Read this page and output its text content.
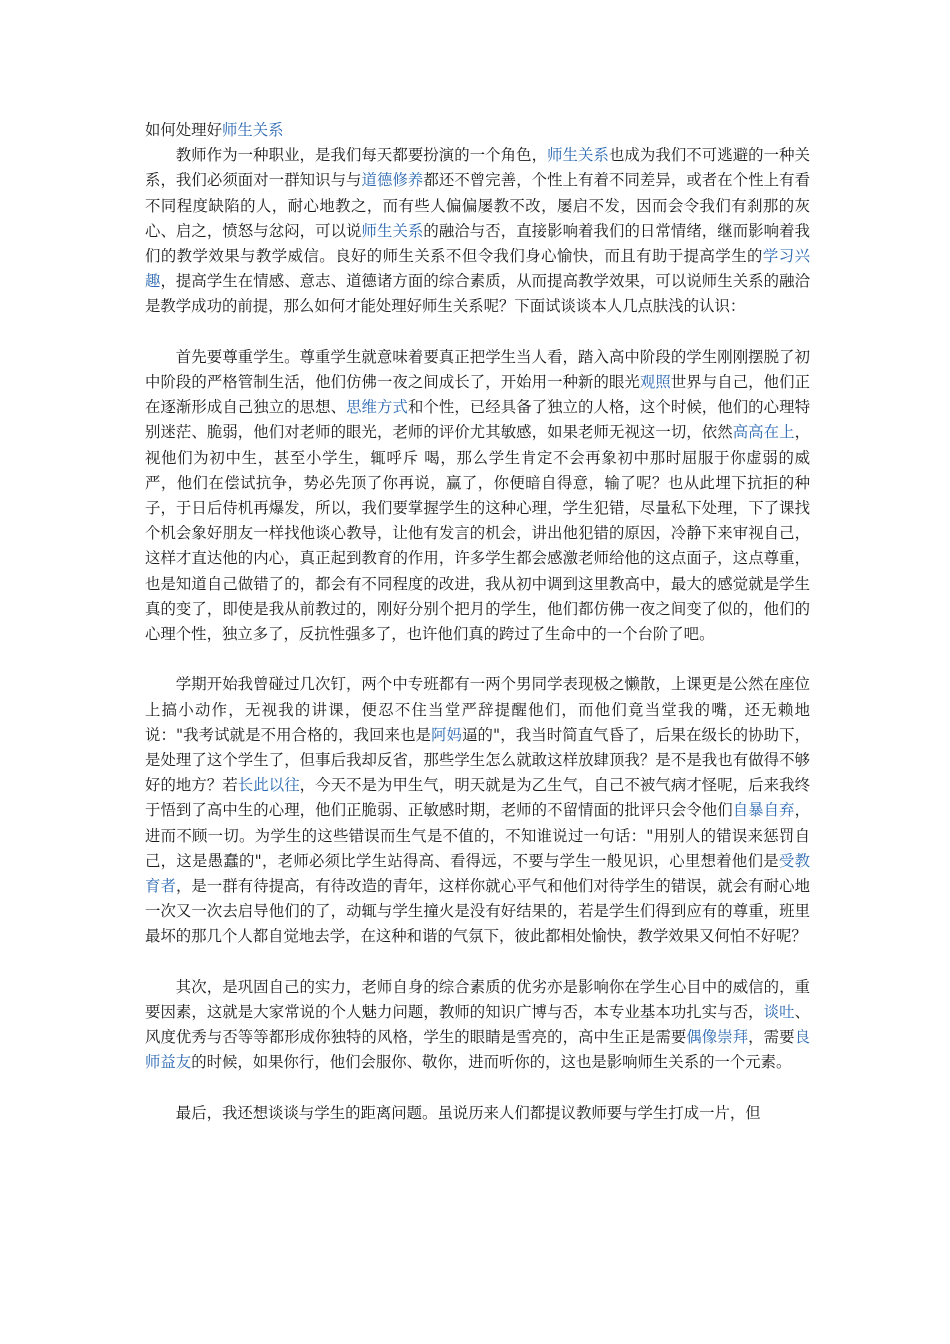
如何处理好师生关系

教师作为一种职业，是我们每天都要扮演的一个角色，师生关系也成为我们不可逃避的一种关系，我们必须面对一群知识与与道德修养都还不曾完善，个性上有着不同差异，或者在个性上有看不同程度缺陷的人，耐心地教之，而有些人偏偏屡教不改，屡启不发，因而会令我们有刹那的灰心、启之，愤怒与忿闷，可以说师生关系的融洽与否，直接影响着我们的日常情绪，继而影响着我们的教学效果与教学威信。良好的师生关系不但令我们身心愉快，而且有助于提高学生的学习兴趣，提高学生在情感、意志、道德诸方面的综合素质，从而提高教学效果，可以说师生关系的融洽是教学成功的前提，那么如何才能处理好师生关系呢？下面试谈谈本人几点肤浅的认识：

首先要尊重学生。尊重学生就意味着要真正把学生当人看，踏入高中阶段的学生刚刚摆脱了初中阶段的严格管制生活，他们仿佛一夜之间成长了，开始用一种新的眼光观照世界与自己，他们正在逐渐形成自己独立的思想、思维方式和个性，已经具备了独立的人格，这个时候，他们的心理特别迷茫、脆弱，他们对老师的眼光，老师的评价尤其敏感，如果老师无视这一切，依然高高在上，视他们为初中生，甚至小学生，辄呼斥 喝，那么学生肯定不会再象初中那时屈服于你虚弱的威严，他们在偿试抗争，势必先顶了你再说，赢了，你便暗自得意，输了呢？也从此埋下抗拒的种子，于日后侍机再爆发，所以，我们要掌握学生的这种心理，学生犯错，尽量私下处理，下了课找个机会象好朋友一样找他谈心教导，让他有发言的机会，讲出他犯错的原因，冷静下来审视自己，这样才直达他的内心，真正起到教育的作用，许多学生都会感激老师给他的这点面子，这点尊重，也是知道自己做错了的，都会有不同程度的改进，我从初中调到这里教高中，最大的感觉就是学生真的变了，即使是我从前教过的，刚好分别个把月的学生，他们都仿佛一夜之间变了似的，他们的心理个性，独立多了，反抗性强多了，也许他们真的跨过了生命中的一个台阶了吧。

学期开始我曾碰过几次钉，两个中专班都有一两个男同学表现极之懒散，上课更是公然在座位上搞小动作，无视我的讲课，便忍不住当堂严辞提醒他们，而他们竟当堂我的嘴，还无赖地说："我考试就是不用合格的，我回来也是阿妈逼的"，我当时简直气昏了，后果在级长的协助下，是处理了这个学生了，但事后我却反省，那些学生怎么就敢这样放肆顶我？是不是我也有做得不够好的地方？若长此以往，今天不是为甲生气，明天就是为乙生气，自己不被气病才怪呢，后来我终于悟到了高中生的心理，他们正脆弱、正敏感时期，老师的不留情面的批评只会令他们自暴自弃，进而不顾一切。为学生的这些错误而生气是不值的，不知谁说过一句话："用别人的错误来惩罚自己，这是愚蠢的"，老师必须比学生站得高、看得远，不要与学生一般见识，心里想着他们是受教育者，是一群有待提高，有待改造的青年，这样你就心平气和他们对待学生的错误，就会有耐心地一次又一次去启导他们的了，动辄与学生撞火是没有好结果的，若是学生们得到应有的尊重，班里最坏的那几个人都自觉地去学，在这种和谐的气氛下，彼此都相处愉快，教学效果又何怕不好呢？

其次，是巩固自己的实力，老师自身的综合素质的优劣亦是影响你在学生心目中的威信的，重要因素，这就是大家常说的个人魅力问题，教师的知识广博与否，本专业基本功扎实与否，谈吐、风度优秀与否等等都形成你独特的风格，学生的眼睛是雪亮的，高中生正是需要偶像崇拜，需要良师益友的时候，如果你行，他们会服你、敬你，进而听你的，这也是影响师生关系的一个元素。

最后，我还想谈谈与学生的距离问题。虽说历来人们都提议教师要与学生打成一片，但
